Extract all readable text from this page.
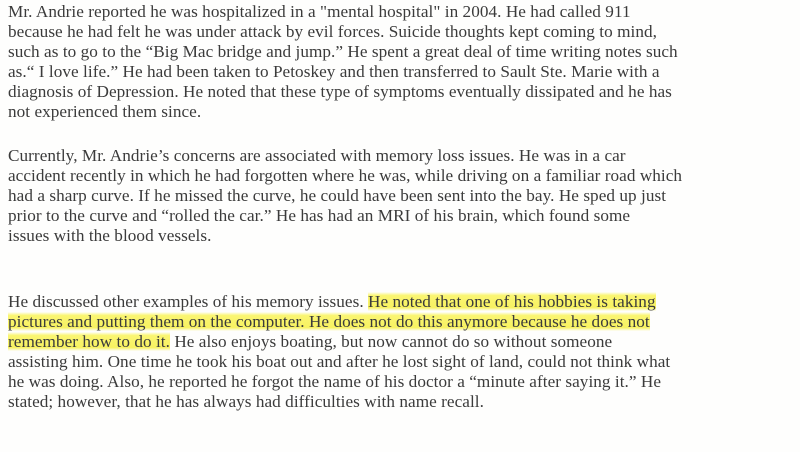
Mr. Andrie reported he was hospitalized in a "mental hospital" in 2004. He had called 911
because he had felt he was under attack by evil forces. Suicide thoughts kept coming to mind,
such as to go to the “Big Mac bridge and jump.” He spent a great deal of time writing notes such
as.“ I love life.” He had been taken to Petoskey and then transferred to Sault Ste. Marie with a
diagnosis of Depression. He noted that these type of symptoms eventually dissipated and he has
not experienced them since.
Currently, Mr. Andrie’s concerns are associated with memory loss issues. He was in a car
accident recently in which he had forgotten where he was, while driving on a familiar road which
had a sharp curve. If he missed the curve, he could have been sent into the bay. He sped up just
prior to the curve and “rolled the car.” He has had an MRI of his brain, which found some
issues with the blood vessels.
He discussed other examples of his memory issues. He noted that one of his hobbies is taking
pictures and putting them on the computer. He does not do this anymore because he does not
remember how to do it. He also enjoys boating, but now cannot do so without someone
assisting him. One time he took his boat out and after he lost sight of land, could not think what
he was doing. Also, he reported he forgot the name of his doctor a “minute after saying it.” He
stated; however, that he has always had difficulties with name recall.
